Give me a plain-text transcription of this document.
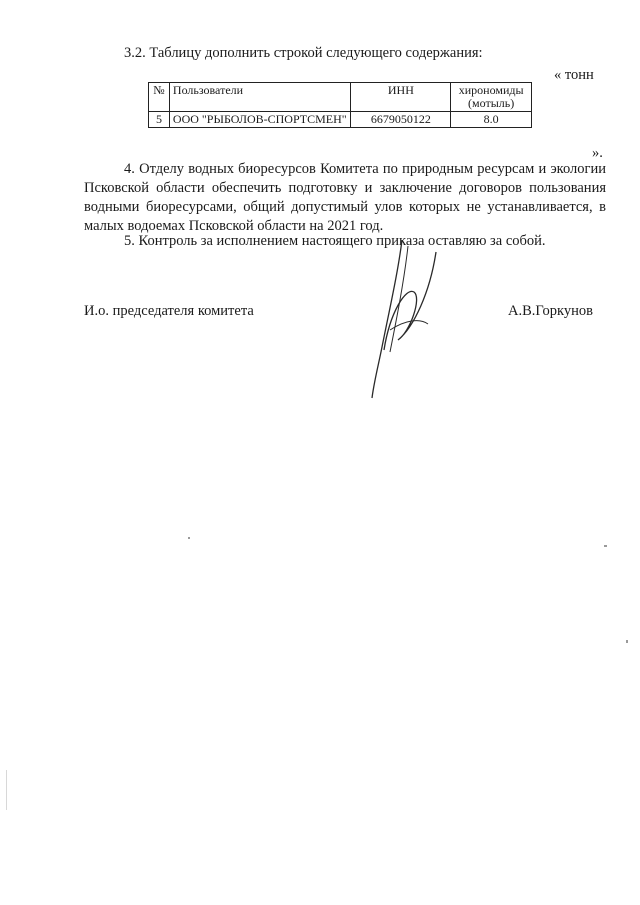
3.2. Таблицу дополнить строкой следующего содержания:
« тонн
№	Пользователи	ИНН	хирономиды (мотыль)
5	ООО "РЫБОЛОВ-СПОРТСМЕН"	6679050122	8.0
».
4. Отделу водных биоресурсов Комитета по природным ресурсам и экологии Псковской области обеспечить подготовку и заключение договоров пользования водными биоресурсами, общий допустимый улов которых не устанавливается, в малых водоемах Псковской области на 2021 год.
5. Контроль за исполнением настоящего приказа оставляю за собой.
И.о. председателя комитета	А.В.Горкунов
